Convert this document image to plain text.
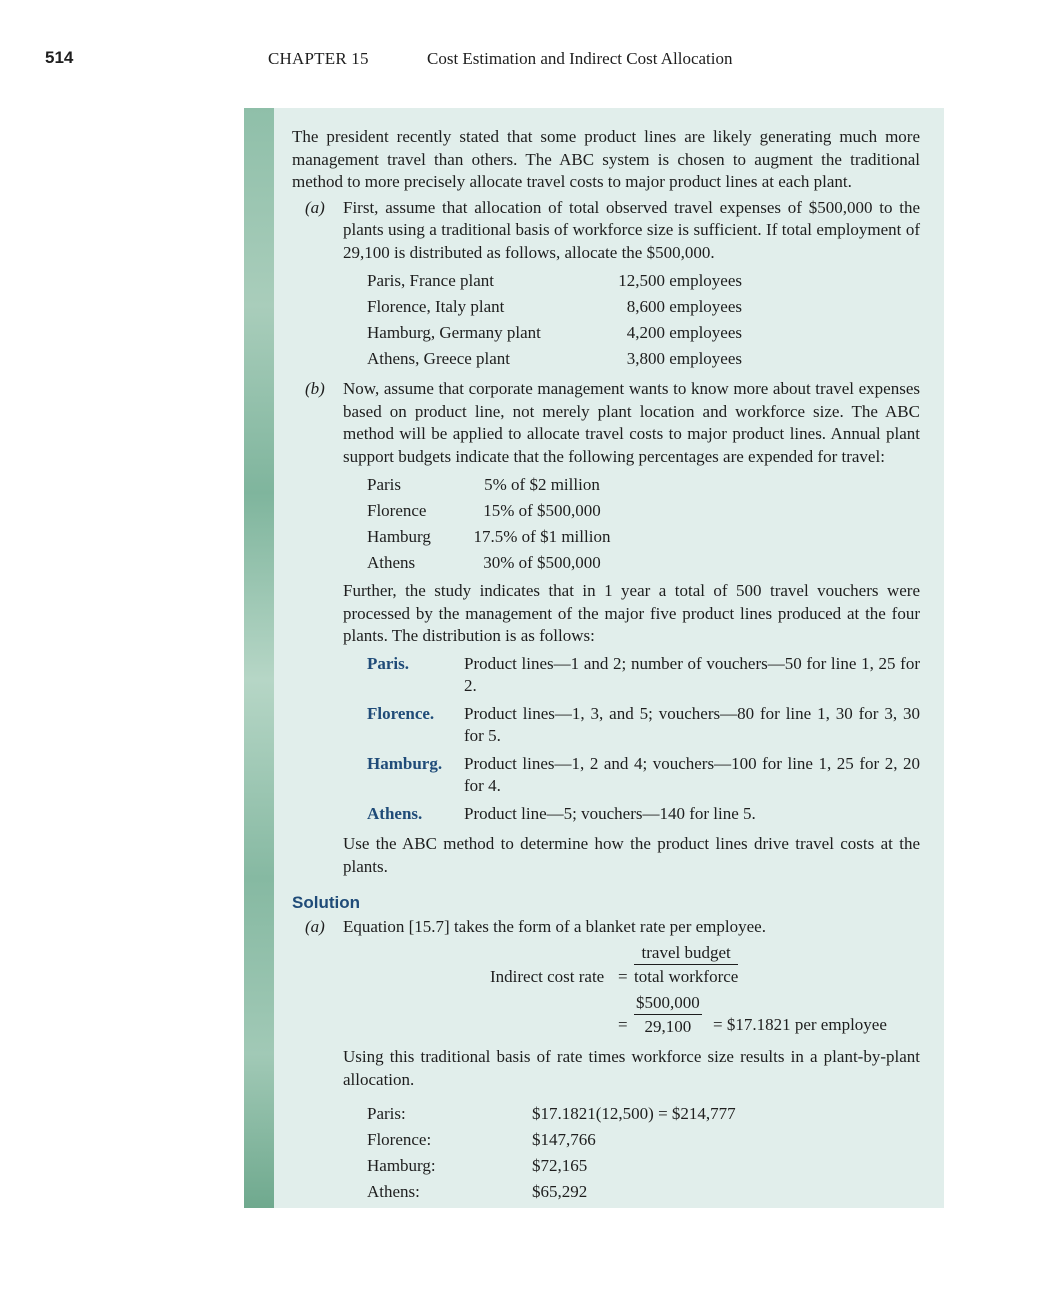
514	CHAPTER 15	Cost Estimation and Indirect Cost Allocation

The president recently stated that some product lines are likely generating much more management travel than others. The ABC system is chosen to augment the traditional method to more precisely allocate travel costs to major product lines at each plant.

(a) First, assume that allocation of total observed travel expenses of $500,000 to the plants using a traditional basis of workforce size is sufficient. If total employment of 29,100 is distributed as follows, allocate the $500,000.

Paris, France plant	12,500 employees
Florence, Italy plant	8,600 employees
Hamburg, Germany plant	4,200 employees
Athens, Greece plant	3,800 employees
(b) Now, assume that corporate management wants to know more about travel expenses based on product line, not merely plant location and workforce size. The ABC method will be applied to allocate travel costs to major product lines. Annual plant support budgets indicate that the following percentages are expended for travel:

Paris	5% of $2 million
Florence	15% of $500,000
Hamburg	17.5% of $1 million
Athens	30% of $500,000

Further, the study indicates that in 1 year a total of 500 travel vouchers were processed by the management of the major five product lines produced at the four plants. The distribution is as follows:

Paris.	Product lines—1 and 2; number of vouchers—50 for line 1, 25 for 2.
Florence.	Product lines—1, 3, and 5; vouchers—80 for line 1, 30 for 3, 30 for 5.
Hamburg.	Product lines—1, 2 and 4; vouchers—100 for line 1, 25 for 2, 20 for 4.
Athens.	Product line—5; vouchers—140 for line 5.

Use the ABC method to determine how the product lines drive travel costs at the plants.

Solution
(a) Equation [15.7] takes the form of a blanket rate per employee.

Indirect cost rate =
travel budget
total workforce
= $\frac{\$500,000}{29,100}$ = $17.1821 per employee

Using this traditional basis of rate times workforce size results in a plant-by-plant allocation.

Paris:	$17.1821(12,500) = $214,777
Florence:	$147,766
Hamburg:	$72,165
Athens:	$65,292
